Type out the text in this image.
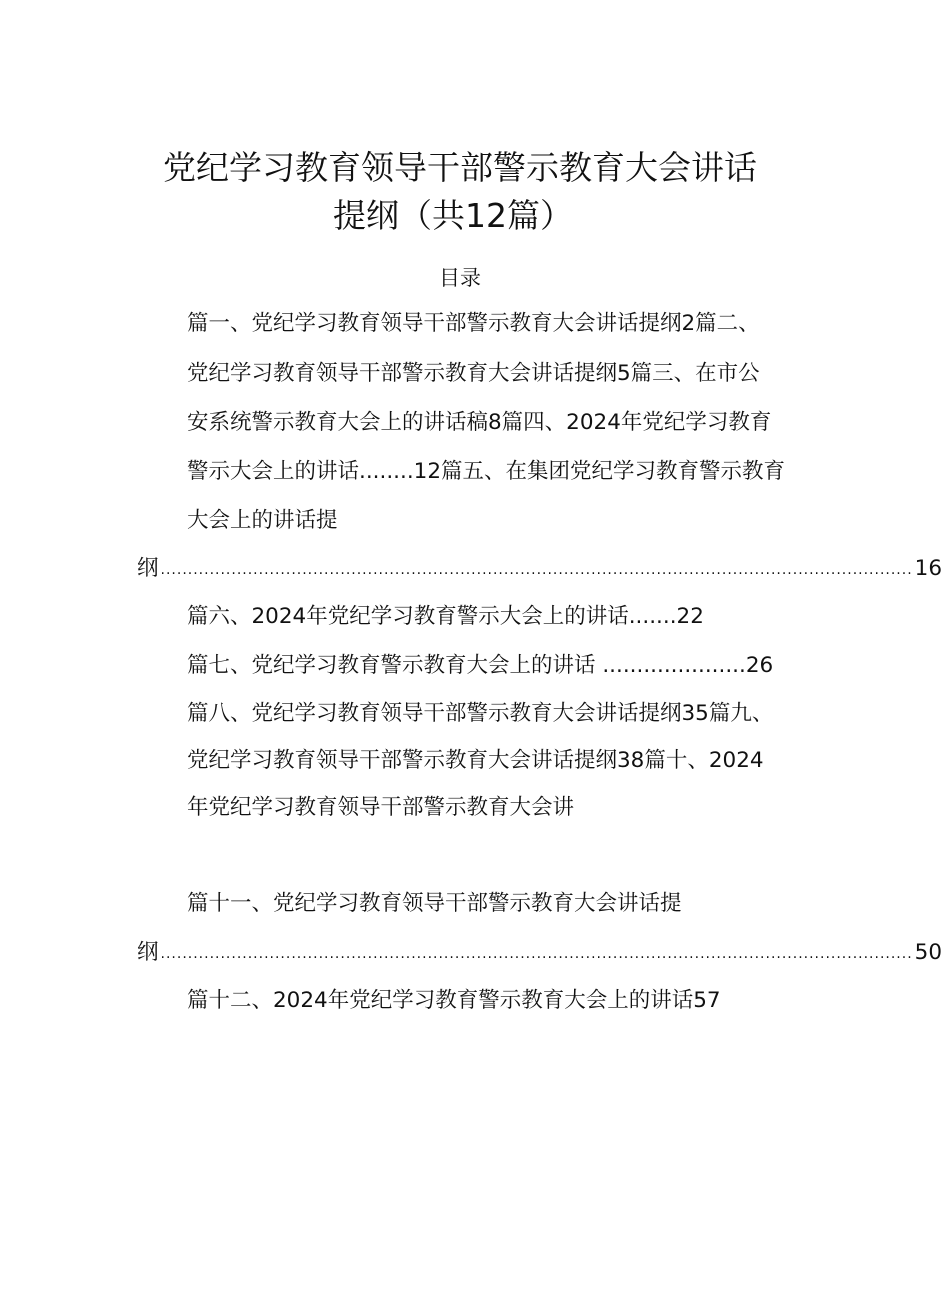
党纪学习教育领导干部警示教育大会讲话
提纲（共12篇）
目录
篇一、党纪学习教育领导干部警示教育大会讲话提纲2篇二、
党纪学习教育领导干部警示教育大会讲话提纲5篇三、在市公
安系统警示教育大会上的讲话稿8篇四、2024年党纪学习教育
警示大会上的讲话........12篇五、在集团党纪学习教育警示教育
大会上的讲话提
纲 .......................................................................................................................................... 16
篇六、2024年党纪学习教育警示大会上的讲话.......22
篇七、党纪学习教育警示教育大会上的讲话 .....................26
篇八、党纪学习教育领导干部警示教育大会讲话提纲35篇九、
党纪学习教育领导干部警示教育大会讲话提纲38篇十、2024
年党纪学习教育领导干部警示教育大会讲
篇十一、党纪学习教育领导干部警示教育大会讲话提
纲 .......................................................................................................................................... 50
篇十二、2024年党纪学习教育警示教育大会上的讲话57
